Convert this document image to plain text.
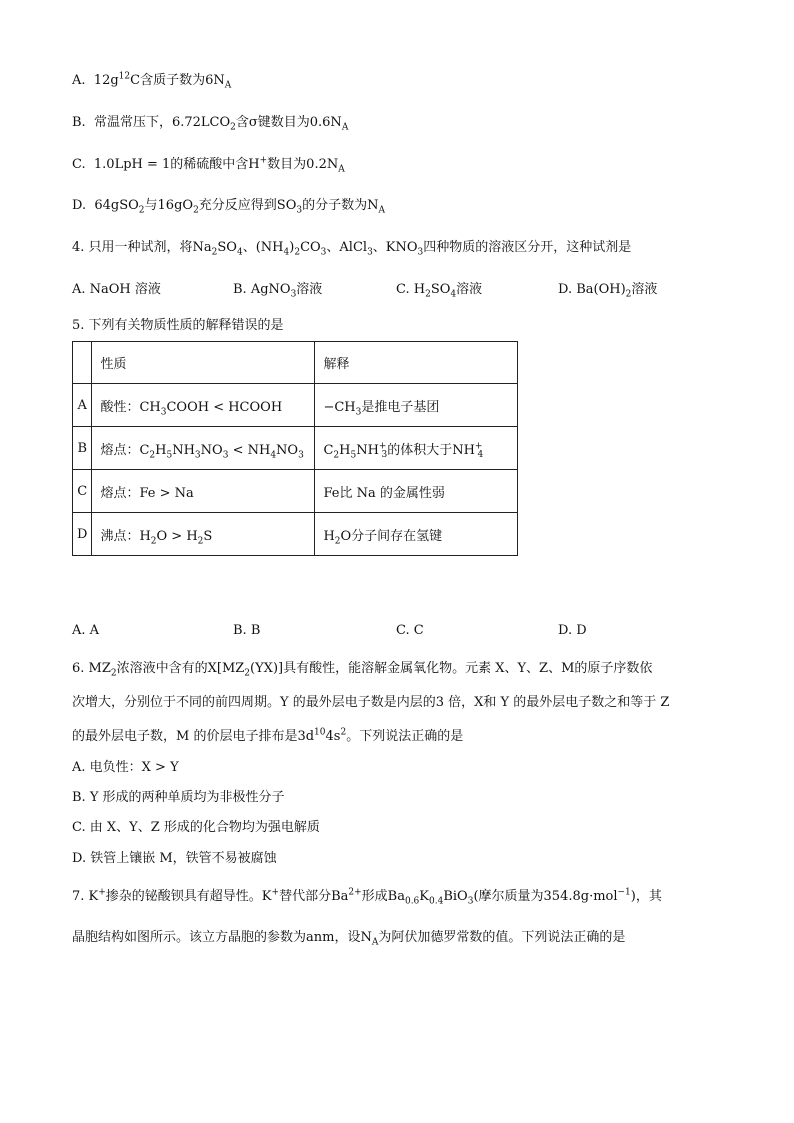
A. $12g^{12}C$含质子数为$6N_A$
B. 常温常压下，$6.72LCO_2$含σ键数目为$0.6N_A$
C. 1.0LpH = 1的稀硫酸中含H+数目为$0.2N_A$
D. 64gSO$_2$与$16gO_2$充分反应得到$SO_3$的分子数为$N_A$
4. 只用一种试剂，将$Na_2SO_4$、$(NH_4)_2CO_3$、AlCl$_3$、$KNO_3$四种物质的溶液区分开，这种试剂是
A. NaOH 溶液	B. AgNO$_3$溶液	C. $H_2SO_4$溶液	D. $Ba(OH)_2$溶液
5. 下列有关物质性质的解释错误的是
	性质	解释
A	酸性：$CH_3COOH$ < HCOOH	$-CH_3$是推电子基团
B	熔点：$C_2H_5NH_3NO_3 < NH_4NO_3$	$C_2H_5NH^+_3$的体积大于$NH^+_4$
C	熔点：Fe > Na	Fe比 Na 的金属性弱
D	沸点：$H_2O > H_2S$	$H_2O$分子间存在氢键
A. A	B. B	C. C	D. D
6. $MZ_2$浓溶液中含有的$X[MZ_2(YX)]$具有酸性，能溶解金属氧化物。元素 X、Y、Z、M的原子序数依
次增大，分别位于不同的前四周期。Y 的最外层电子数是内层的3 倍，X和 Y 的最外层电子数之和等于 Z
的最外层电子数，M 的价层电子排布是$3d^{10}4s^2$。下列说法正确的是
A. 电负性：X > Y
B. Y 形成的两种单质均为非极性分子
C. 由 X、Y、Z 形成的化合物均为强电解质
D. 铁管上镶嵌 M，铁管不易被腐蚀
7. K+掺杂的铋酸钡具有超导性。K+替代部分$Ba^{2+}$形成$Ba_{0.6}K_{0.4}BiO_3$(摩尔质量为354.8g·mol$^{-1}$)，其
晶胞结构如图所示。该立方晶胞的参数为anm，设$N_A$为阿伏加德罗常数的值。下列说法正确的是
